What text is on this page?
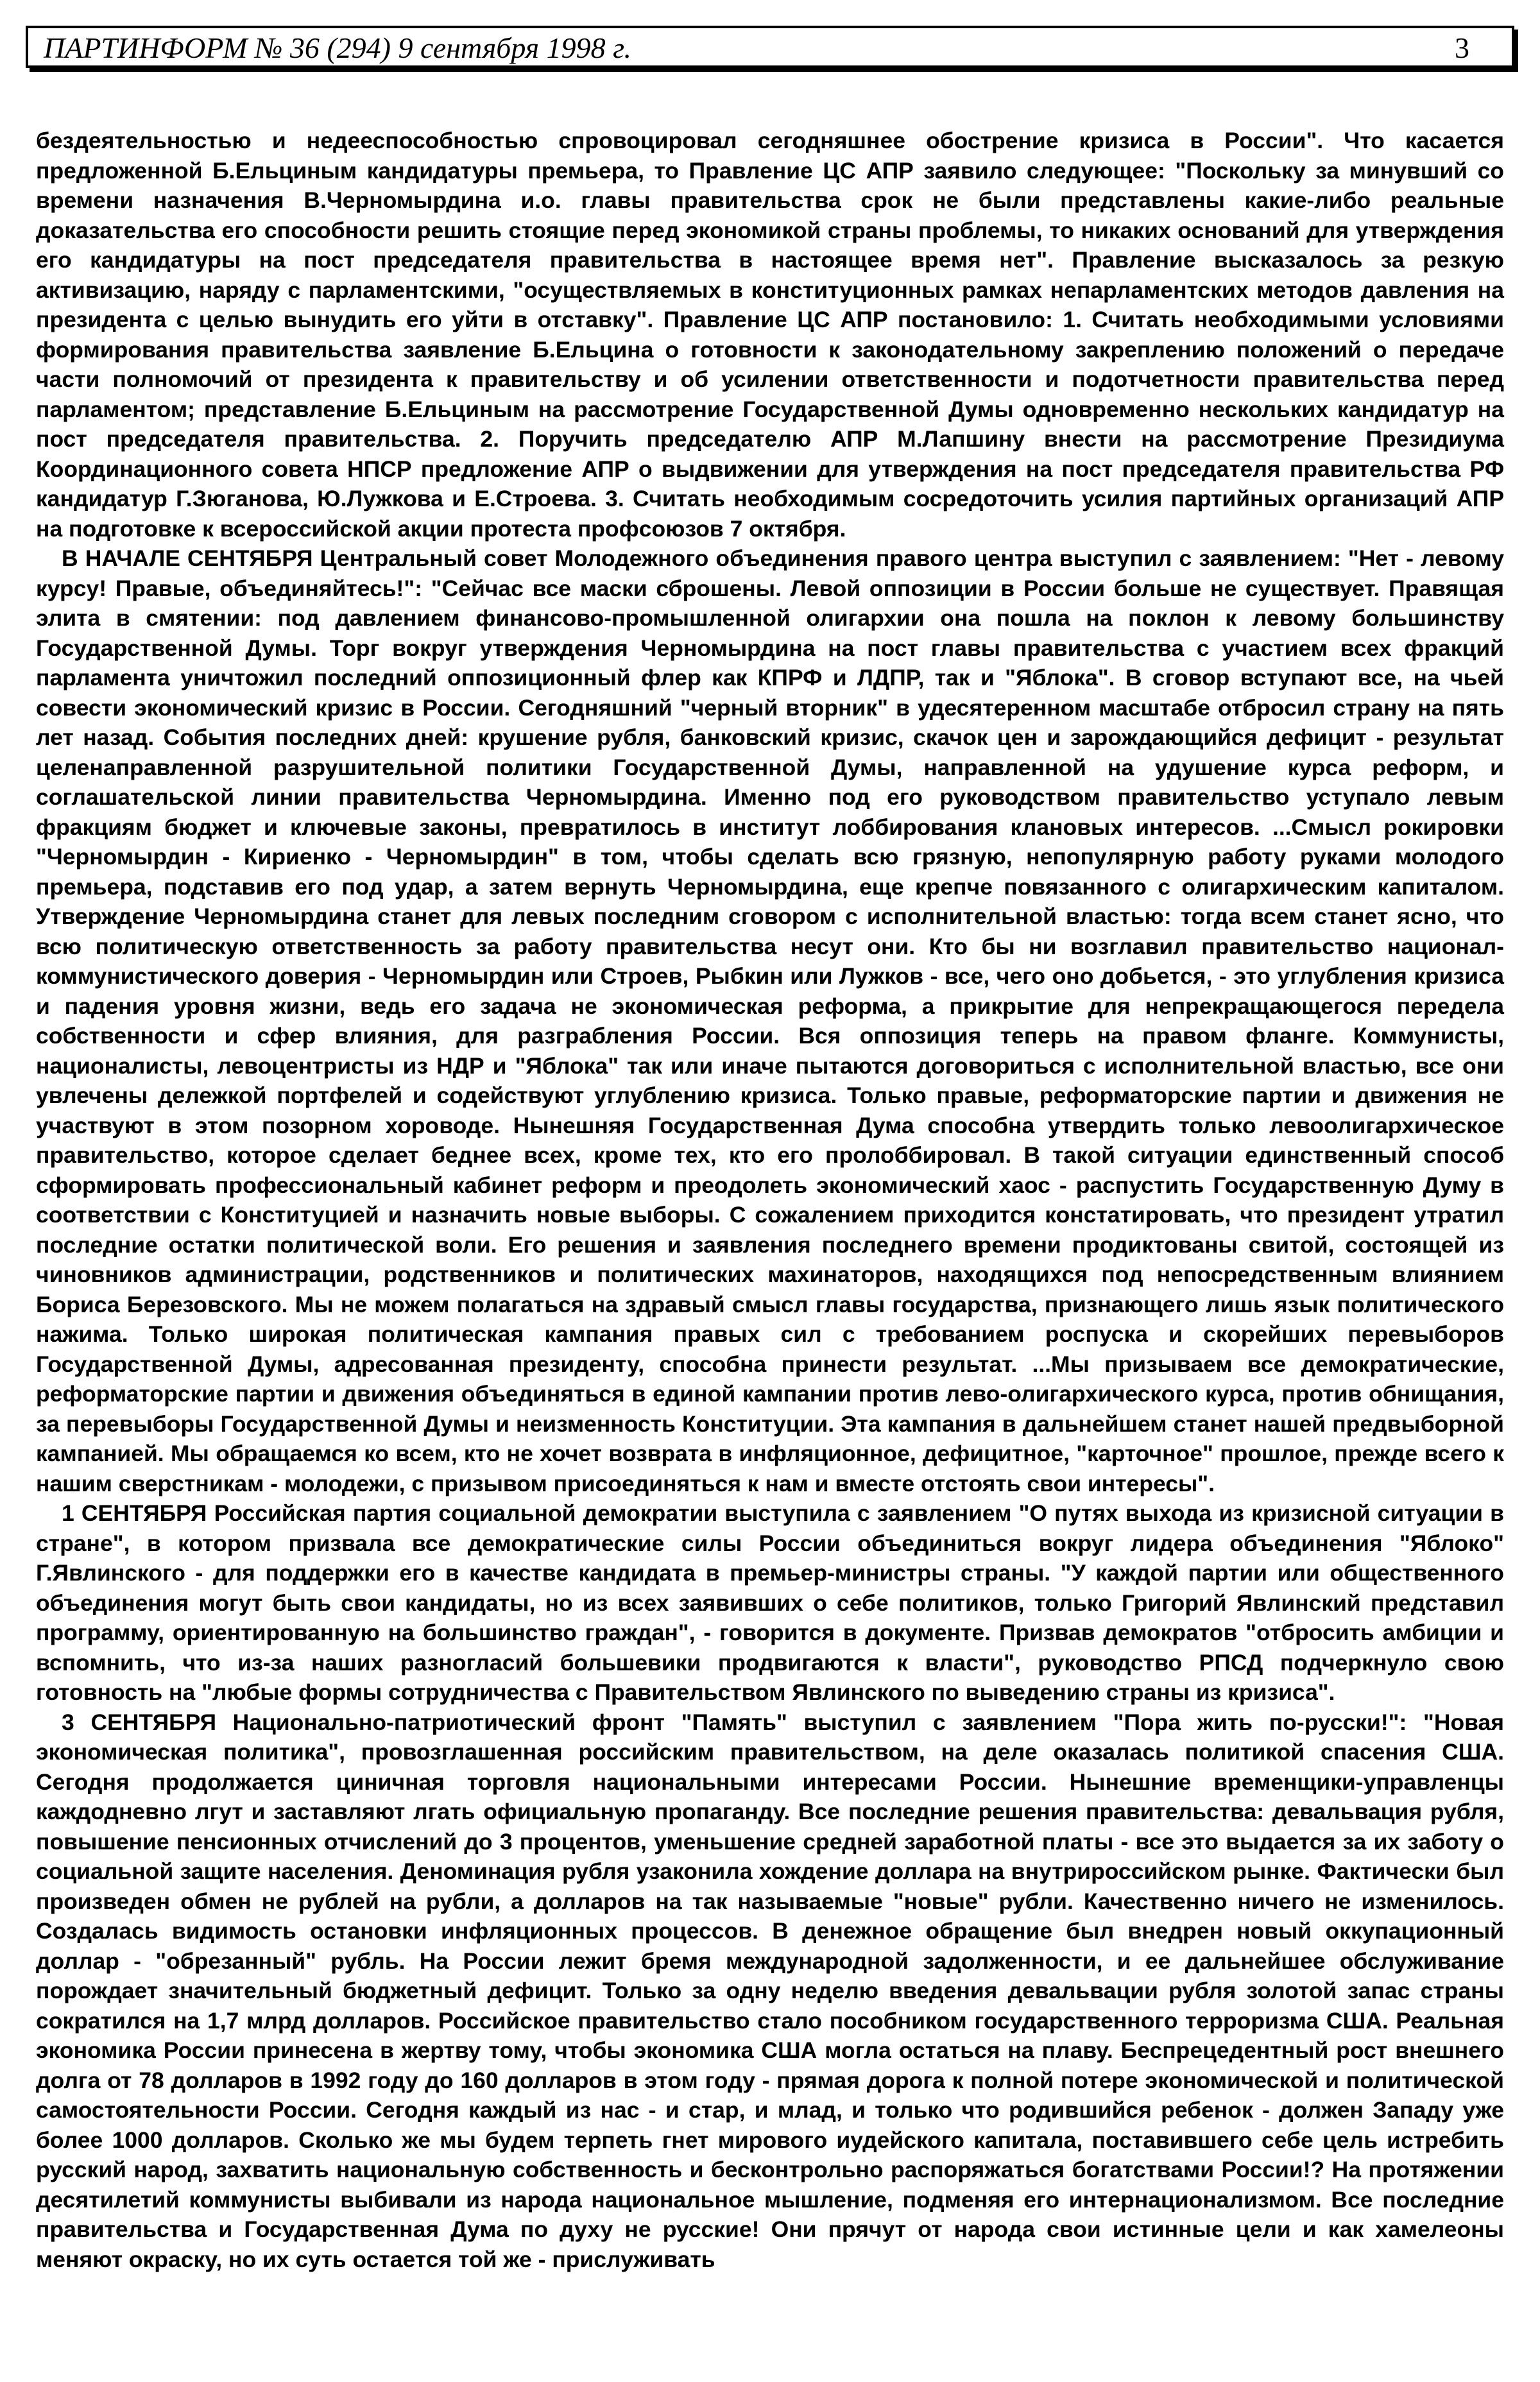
ПАРТИНФОРМ № 36 (294) 9 сентября 1998 г.	3

бездеятельностью и недееспособностью спровоцировал сегодняшнее обострение кризиса в России". Что касается предложенной Б.Ельциным кандидатуры премьера, то Правление ЦС АПР заявило следующее: "Поскольку за минувший со времени назначения В.Черномырдина и.о. главы правительства срок не были представлены какие-либо реальные доказательства его способности решить стоящие перед экономикой страны проблемы, то никаких оснований для утверждения его кандидатуры на пост председателя правительства в настоящее время нет". Правление высказалось за резкую активизацию, наряду с парламентскими, "осуществляемых в конституционных рамках непарламентских методов давления на президента с целью вынудить его уйти в отставку". Правление ЦС АПР постановило: 1. Считать необходимыми условиями формирования правительства заявление Б.Ельцина о готовности к законодательному закреплению положений о передаче части полномочий от президента к правительству и об усилении ответственности и подотчетности правительства перед парламентом; представление Б.Ельциным на рассмотрение Государственной Думы одновременно нескольких кандидатур на пост председателя правительства. 2. Поручить председателю АПР М.Лапшину внести на рассмотрение Президиума Координационного совета НПСР предложение АПР о выдвижении для утверждения на пост председателя правительства РФ кандидатур Г.Зюганова, Ю.Лужкова и Е.Строева. 3. Считать необходимым сосредоточить усилия партийных организаций АПР на подготовке к всероссийской акции протеста профсоюзов 7 октября.

В НАЧАЛЕ СЕНТЯБРЯ Центральный совет Молодежного объединения правого центра выступил с заявлением: "Нет - левому курсу! Правые, объединяйтесь!": "Сейчас все маски сброшены. Левой оппозиции в России больше не существует. Правящая элита в смятении: под давлением финансово-промышленной олигархии она пошла на поклон к левому большинству Государственной Думы. Торг вокруг утверждения Черномырдина на пост главы правительства с участием всех фракций парламента уничтожил последний оппозиционный флер как КПРФ и ЛДПР, так и "Яблока". В сговор вступают все, на чьей совести экономический кризис в России. Сегодняшний "черный вторник" в удесятеренном масштабе отбросил страну на пять лет назад. События последних дней: крушение рубля, банковский кризис, скачок цен и зарождающийся дефицит - результат целенаправленной разрушительной политики Государственной Думы, направленной на удушение курса реформ, и соглашательской линии правительства Черномырдина. Именно под его руководством правительство уступало левым фракциям бюджет и ключевые законы, превратилось в институт лоббирования клановых интересов. ...Смысл рокировки "Черномырдин - Кириенко - Черномырдин" в том, чтобы сделать всю грязную, непопулярную работу руками молодого премьера, подставив его под удар, а затем вернуть Черномырдина, еще крепче повязанного с олигархическим капиталом. Утверждение Черномырдина станет для левых последним сговором с исполнительной властью: тогда всем станет ясно, что всю политическую ответственность за работу правительства несут они. Кто бы ни возглавил правительство национал-коммунистического доверия - Черномырдин или Строев, Рыбкин или Лужков - все, чего оно добьется, - это углубления кризиса и падения уровня жизни, ведь его задача не экономическая реформа, а прикрытие для непрекращающегося передела собственности и сфер влияния, для разграбления России. Вся оппозиция теперь на правом фланге. Коммунисты, националисты, левоцентристы из НДР и "Яблока" так или иначе пытаются договориться с исполнительной властью, все они увлечены дележкой портфелей и содействуют углублению кризиса. Только правые, реформаторские партии и движения не участвуют в этом позорном хороводе. Нынешняя Государственная Дума способна утвердить только левоолигархическое правительство, которое сделает беднее всех, кроме тех, кто его пролоббировал. В такой ситуации единственный способ сформировать профессиональный кабинет реформ и преодолеть экономический хаос - распустить Государственную Думу в соответствии с Конституцией и назначить новые выборы. С сожалением приходится констатировать, что президент утратил последние остатки политической воли. Его решения и заявления последнего времени продиктованы свитой, состоящей из чиновников администрации, родственников и политических махинаторов, находящихся под непосредственным влиянием Бориса Березовского. Мы не можем полагаться на здравый смысл главы государства, признающего лишь язык политического нажима. Только широкая политическая кампания правых сил с требованием роспуска и скорейших перевыборов Государственной Думы, адресованная президенту, способна принести результат. ...Мы призываем все демократические, реформаторские партии и движения объединяться в единой кампании против лево-олигархического курса, против обнищания, за перевыборы Государственной Думы и неизменность Конституции. Эта кампания в дальнейшем станет нашей предвыборной кампанией. Мы обращаемся ко всем, кто не хочет возврата в инфляционное, дефицитное, "карточное" прошлое, прежде всего к нашим сверстникам - молодежи, с призывом присоединяться к нам и вместе отстоять свои интересы".

1 СЕНТЯБРЯ Российская партия социальной демократии выступила с заявлением "О путях выхода из кризисной ситуации в стране", в котором призвала все демократические силы России объединиться вокруг лидера объединения "Яблоко" Г.Явлинского - для поддержки его в качестве кандидата в премьер-министры страны. "У каждой партии или общественного объединения могут быть свои кандидаты, но из всех заявивших о себе политиков, только Григорий Явлинский представил программу, ориентированную на большинство граждан", - говорится в документе. Призвав демократов "отбросить амбиции и вспомнить, что из-за наших разногласий большевики продвигаются к власти", руководство РПСД подчеркнуло свою готовность на "любые формы сотрудничества с Правительством Явлинского по выведению страны из кризиса".

3 СЕНТЯБРЯ Национально-патриотический фронт "Память" выступил с заявлением "Пора жить по-русски!": "Новая экономическая политика", провозглашенная российским правительством, на деле оказалась политикой спасения США. Сегодня продолжается циничная торговля национальными интересами России. Нынешние временщики-управленцы каждодневно лгут и заставляют лгать официальную пропаганду. Все последние решения правительства: девальвация рубля, повышение пенсионных отчислений до 3 процентов, уменьшение средней заработной платы - все это выдается за их заботу о социальной защите населения. Деноминация рубля узаконила хождение доллара на внутрироссийском рынке. Фактически был произведен обмен не рублей на рубли, а долларов на так называемые "новые" рубли. Качественно ничего не изменилось. Создалась видимость остановки инфляционных процессов. В денежное обращение был внедрен новый оккупационный доллар - "обрезанный" рубль. На России лежит бремя международной задолженности, и ее дальнейшее обслуживание порождает значительный бюджетный дефицит. Только за одну неделю введения девальвации рубля золотой запас страны сократился на 1,7 млрд долларов. Российское правительство стало пособником государственного терроризма США. Реальная экономика России принесена в жертву тому, чтобы экономика США могла остаться на плаву. Беспрецедентный рост внешнего долга от 78 долларов в 1992 году до 160 долларов в этом году - прямая дорога к полной потере экономической и политической самостоятельности России. Сегодня каждый из нас - и стар, и млад, и только что родившийся ребенок - должен Западу уже более 1000 долларов. Сколько же мы будем терпеть гнет мирового иудейского капитала, поставившего себе цель истребить русский народ, захватить национальную собственность и бесконтрольно распоряжаться богатствами России!? На протяжении десятилетий коммунисты выбивали из народа национальное мышление, подменяя его интернационализмом. Все последние правительства и Государственная Дума по духу не русские! Они прячут от народа свои истинные цели и как хамелеоны меняют окраску, но их суть остается той же - прислуживать
